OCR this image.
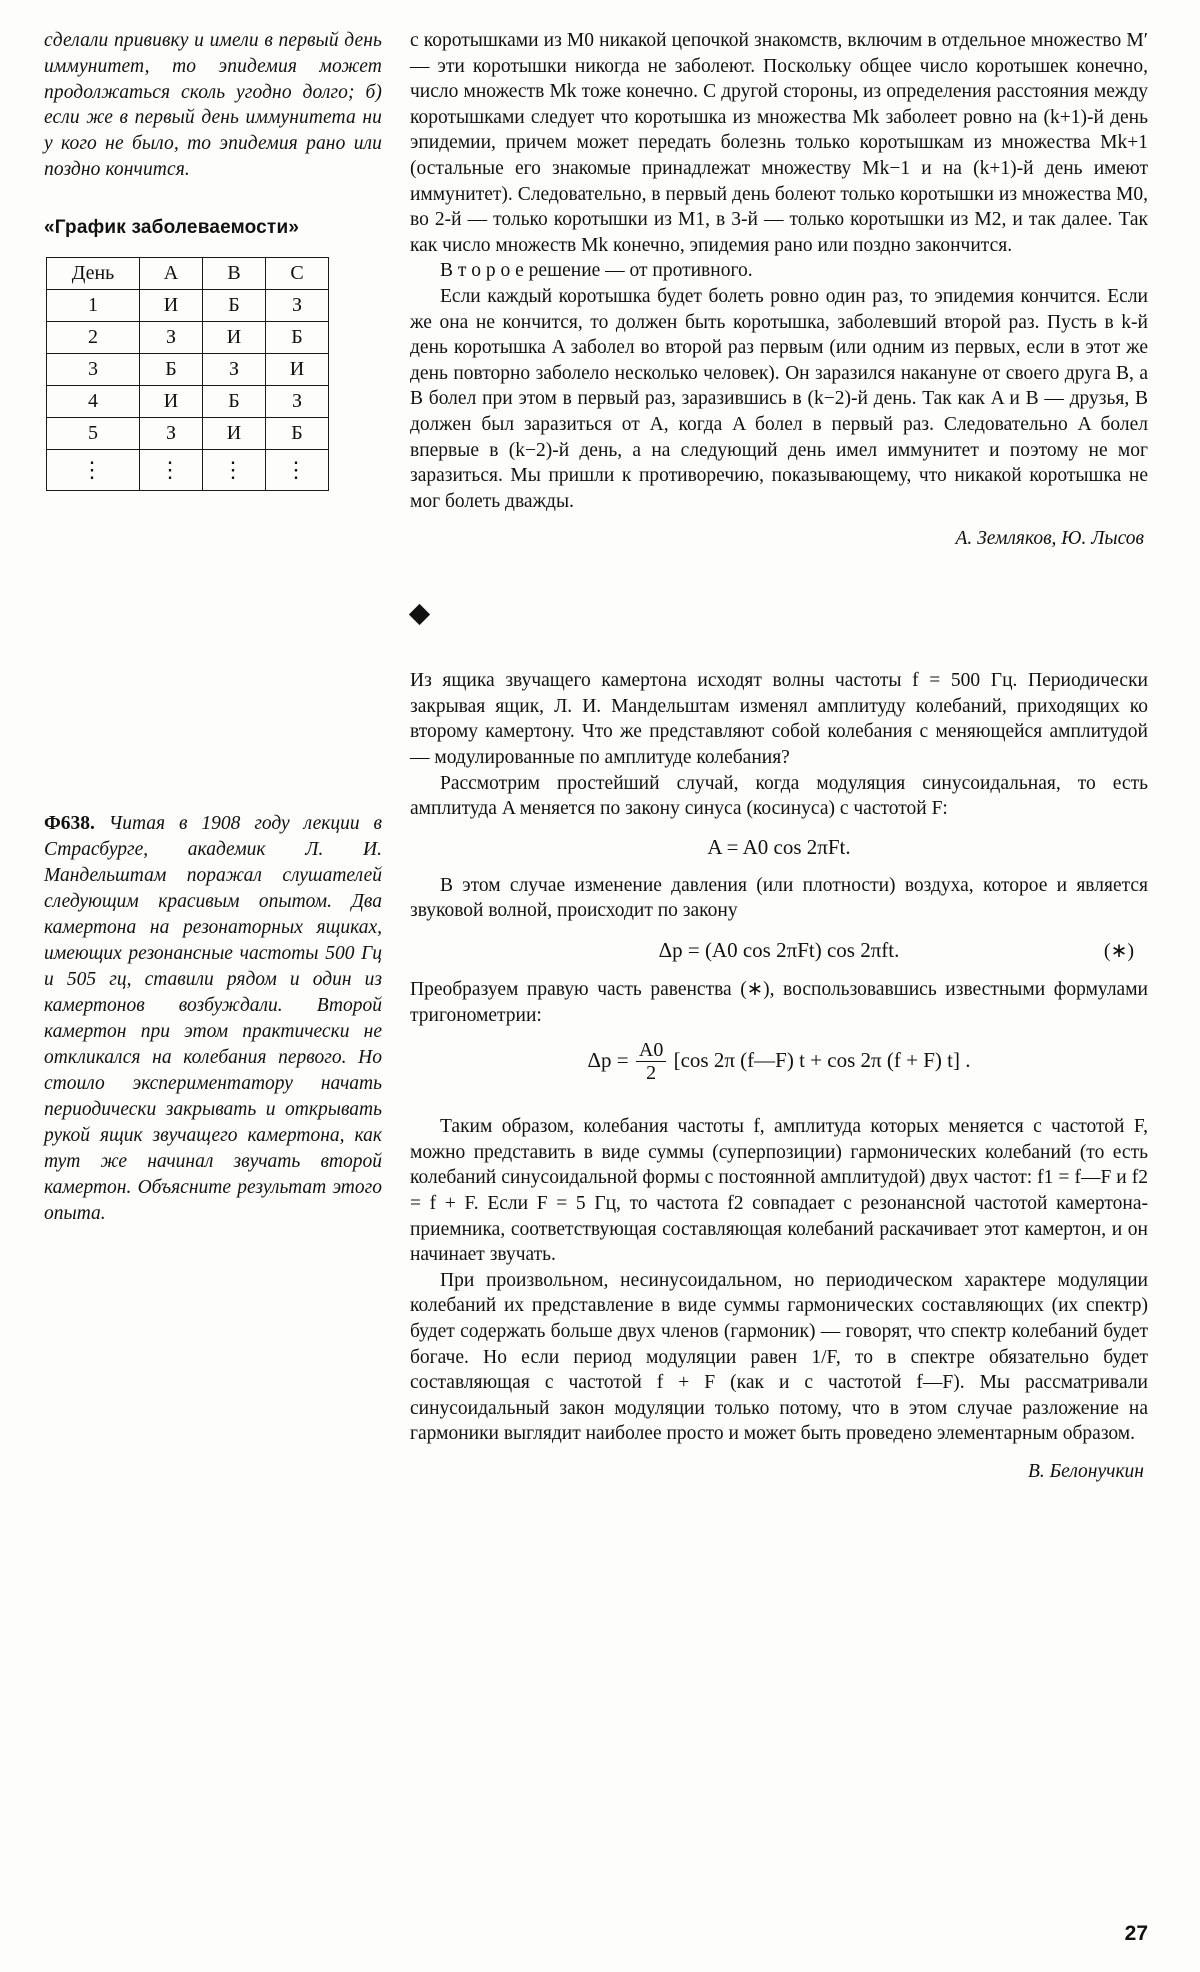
сделали прививку и имели в первый день иммунитет, то эпидемия может продолжаться сколь угодно долго; б) если же в первый день иммунитета ни у кого не было, то эпидемия рано или поздно кончится.
«График заболеваемости»
День	A	B	C
1	И	Б	З
2	З	И	Б
3	Б	З	И
4	И	Б	З
5	З	И	Б
⋮	⋮	⋮	⋮
Ф638. Читая в 1908 году лекции в Страсбурге, академик Л. И. Мандельштам поражал слушателей следующим красивым опытом. Два камертона на резонаторных ящиках, имеющих резонансные частоты 500 Гц и 505 гц, ставили рядом и один из камертонов возбуждали. Второй камертон при этом практически не откликался на колебания первого. Но стоило экспериментатору начать периодически закрывать и открывать рукой ящик звучащего камертона, как тут же начинал звучать второй камертон. Объясните результат этого опыта.
с коротышками из M0 никакой цепочкой знакомств, включим в отдельное множество M′ — эти коротышки никогда не заболеют. Поскольку общее число коротышек конечно, число множеств Mk тоже конечно. С другой стороны, из определения расстояния между коротышками следует что коротышка из множества Mk заболеет ровно на (k+1)-й день эпидемии, причем может передать болезнь только коротышкам из множества Mk+1 (остальные его знакомые принадлежат множеству Mk−1 и на (k+1)-й день имеют иммунитет). Следовательно, в первый день болеют только коротышки из множества M0, во 2-й — только коротышки из M1, в 3-й — только коротышки из M2, и так далее. Так как число множеств Mk конечно, эпидемия рано или поздно закончится.
В т о р о е решение — от противного.
Если каждый коротышка будет болеть ровно один раз, то эпидемия кончится. Если же она не кончится, то должен быть коротышка, заболевший второй раз. Пусть в k-й день коротышка A заболел во второй раз первым (или одним из первых, если в этот же день повторно заболело несколько человек). Он заразился накануне от своего друга B, а B болел при этом в первый раз, заразившись в (k−2)-й день. Так как A и B — друзья, B должен был заразиться от A, когда A болел в первый раз. Следовательно A болел впервые в (k−2)-й день, а на следующий день имел иммунитет и поэтому не мог заразиться. Мы пришли к противоречию, показывающему, что никакой коротышка не мог болеть дважды.
А. Земляков, Ю. Лысов
Из ящика звучащего камертона исходят волны частоты f = 500 Гц. Периодически закрывая ящик, Л. И. Мандельштам изменял амплитуду колебаний, приходящих ко второму камертону. Что же представляют собой колебания с меняющейся амплитудой — модулированные по амплитуде колебания?
Рассмотрим простейший случай, когда модуляция синусоидальная, то есть амплитуда A меняется по закону синуса (косинуса) с частотой F:
A = A0 cos 2πFt.
В этом случае изменение давления (или плотности) воздуха, которое и является звуковой волной, происходит по закону
Δp = (A0 cos 2πFt) cos 2πft.	(∗)
Преобразуем правую часть равенства (∗), воспользовавшись известными формулами тригонометрии:
$\Delta p = \frac{A0}{2} [\cos$ 2π (f—F) t + cos 2π (f + F) t] .
Таким образом, колебания частоты f, амплитуда которых меняется с частотой F, можно представить в виде суммы (суперпозиции) гармонических колебаний (то есть колебаний синусоидальной формы с постоянной амплитудой) двух частот: f1 = f—F и f2 = f + F. Если F = 5 Гц, то частота f2 совпадает с резонансной частотой камертона-приемника, соответствующая составляющая колебаний раскачивает этот камертон, и он начинает звучать.
При произвольном, несинусоидальном, но периодическом характере модуляции колебаний их представление в виде суммы гармонических составляющих (их спектр) будет содержать больше двух членов (гармоник) — говорят, что спектр колебаний будет богаче. Но если период модуляции равен 1/F, то в спектре обязательно будет составляющая с частотой f + F (как и с частотой f—F). Мы рассматривали синусоидальный закон модуляции только потому, что в этом случае разложение на гармоники выглядит наиболее просто и может быть проведено элементарным образом.
В. Белонучкин
27
